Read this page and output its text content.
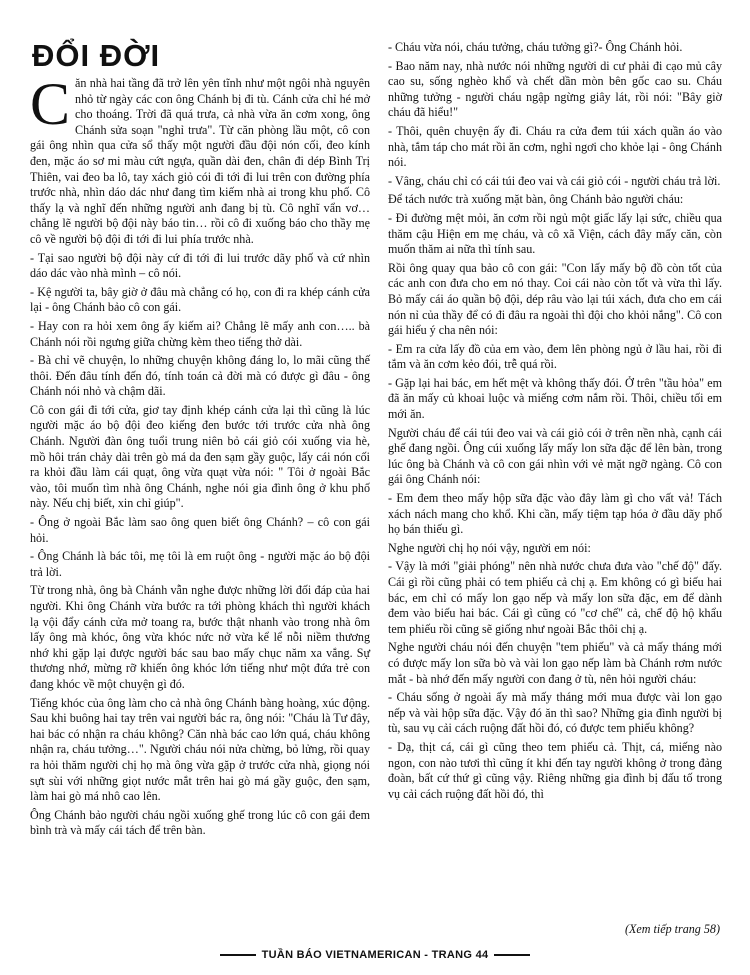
ĐỔI ĐỜI

Căn nhà hai tầng đã trở lên yên tĩnh như một ngôi nhà nguyên nhỏ từ ngày các con ông Chánh bị đi tù. Cánh cửa chỉ hé mở cho thoáng. Trời đã quá trưa, cả nhà vừa ăn cơm xong, ông Chánh sửa soạn "nghỉ trưa". Từ căn phòng lầu một, cô con gái ông nhìn qua cửa sổ thấy một người đầu đội nón cối, đeo kính đen, mặc áo sơ mi màu cứt ngựa, quần dài đen, chân đi dép Bình Trị Thiên, vai đeo ba lô, tay xách giỏ cói đi tới đi lui trên con đường phía trước nhà, nhìn dáo dác như đang tìm kiếm nhà ai trong khu phố. Cô thấy lạ và nghĩ đến những người anh đang bị tù. Cô nghĩ vẩn vơ… chẳng lẽ người bộ đội này báo tin… rồi cô đi xuống báo cho thầy mẹ cô về người bộ đội đi tới đi lui phía trước nhà.

- Tại sao người bộ đội này cứ đi tới đi lui trước dãy phố và cứ nhìn dáo dác vào nhà mình – cô nói.

- Kệ người ta, bây giờ ở đâu mà chẳng có họ, con đi ra khép cánh cửa lại - ông Chánh bảo cô con gái.

- Hay con ra hỏi xem ông ấy kiếm ai? Chẳng lẽ mấy anh con….. bà Chánh nói rồi ngưng giữa chừng kèm theo tiếng thở dài.

- Bà chỉ vẽ chuyện, lo những chuyện không đáng lo, lo mãi cũng thế thôi. Đến đâu tính đến đó, tính toán cả đời mà có được gì đâu - ông Chánh nói nhỏ và chậm dãi.

Cô con gái đi tới cửa, giơ tay định khép cánh cửa lại thì cũng là lúc người mặc áo bộ đội đeo kiếng đen bước tới trước cửa nhà ông Chánh. Người đàn ông tuổi trung niên bỏ cái giỏ cói xuống via hè, mồ hôi trán chảy dài trên gò má da đen sạm gầy guộc, lấy cái nón cối ra khỏi đầu làm cái quạt, ông vừa quạt vừa nói: " Tôi ở ngoài Bắc vào, tôi muốn tìm nhà ông Chánh, nghe nói gia đình ông ở khu phố này. Nếu chị biết, xin chỉ giúp".

- Ông ở ngoài Bắc làm sao ông quen biết ông Chánh? – cô con gái hỏi.

- Ông Chánh là bác tôi, mẹ tôi là em ruột ông - người mặc áo bộ đội trả lời.

Từ trong nhà, ông bà Chánh vẫn nghe được những lời đối đáp của hai người. Khi ông Chánh vừa bước ra tới phòng khách thì người khách lạ vội đẩy cánh cửa mở toang ra, bước thật nhanh vào trong nhà ôm lấy ông mà khóc, ông vừa khóc nức nở vừa kể lể nỗi niềm thương nhớ khi gặp lại được người bác sau bao mấy chục năm xa vắng. Sự thương nhớ, mừng rỡ khiến ông khóc lớn tiếng như một đứa trẻ con đang khóc về một chuyện gì đó.

Tiếng khóc của ông làm cho cả nhà ông Chánh bàng hoàng, xúc động. Sau khi buông hai tay trên vai người bác ra, ông nói: "Cháu là Tư đây, hai bác có nhận ra cháu không? Căn nhà bác cao lớn quá, cháu không nhận ra, cháu tưởng…". Người cháu nói nửa chừng, bỏ lửng, rồi quay ra hỏi thăm người chị họ mà ông vừa gặp ở trước cửa nhà, giọng nói sựt sùi với những giọt nước mắt trên hai gò má gầy guộc, đen sạm, làm hai gò má nhô cao lên.

Ông Chánh bảo người cháu ngồi xuống ghế trong lúc cô con gái đem bình trà và mấy cái tách để trên bàn.

- Cháu vừa nói, cháu tưởng, cháu tưởng gì?- Ông Chánh hỏi.

- Bao năm nay, nhà nước nói những người di cư phải đi cạo mủ cây cao su, sống nghèo khổ và chết dần mòn bên gốc cao su. Cháu những tưởng - người cháu ngập ngừng giây lát, rồi nói: "Bây giờ cháu đã hiểu!"

- Thôi, quên chuyện ấy đi. Cháu ra cửa đem túi xách quần áo vào nhà, tắm táp cho mát rồi ăn cơm, nghỉ ngơi cho khỏe lại - ông Chánh nói.

- Vâng, cháu chỉ có cái túi đeo vai và cái giỏ cói - người cháu trả lời.

Để tách nước trà xuống mặt bàn, ông Chánh bảo người cháu:

- Đi đường mệt mỏi, ăn cơm rồi ngủ một giấc lấy lại sức, chiều qua thăm cậu Hiện em mẹ cháu, và cô xã Viện, cách đây mấy căn, còn muốn thăm ai nữa thì tính sau.

Rồi ông quay qua bảo cô con gái: "Con lấy mấy bộ đồ còn tốt của các anh con đưa cho em nó thay. Coi cái nào còn tốt và vừa thì lấy. Bỏ mấy cái áo quần bộ đội, dép râu vào lại túi xách, đưa cho em cái nón nỉ của thầy để có đi đâu ra ngoài thì đội cho khỏi nắng". Cô con gái hiểu ý cha nên nói:

- Em ra cửa lấy đồ của em vào, đem lên phòng ngủ ở lầu hai, rồi đi tắm và ăn cơm kẻo đói, trễ quá rồi.

- Gặp lại hai bác, em hết mệt và không thấy đói. Ở trên "tầu hỏa" em đã ăn mấy củ khoai luộc và miếng cơm nắm rồi. Thôi, chiều tối em mới ăn.

Người cháu để cái túi đeo vai và cái giỏ cói ở trên nền nhà, cạnh cái ghế đang ngồi. Ông cúi xuống lấy mấy lon sữa đặc để lên bàn, trong lúc ông bà Chánh và cô con gái nhìn với vẻ mặt ngỡ ngàng. Cô con gái ông Chánh nói:

- Em đem theo mấy hộp sữa đặc vào đây làm gì cho vất vả! Tách xách nách mang cho khổ. Khi cần, mấy tiệm tạp hóa ở đầu dãy phố họ bán thiếu gì.

Nghe người chị họ nói vậy, người em nói:

- Vậy là mới "giải phóng" nên nhà nước chưa đưa vào "chế độ" đấy. Cái gì rồi cũng phải có tem phiếu cả chị ạ. Em không có gì biếu hai bác, em chỉ có mấy lon gạo nếp và mấy lon sữa đặc, em để dành đem vào biếu hai bác. Cái gì cũng có "cơ chế" cả, chế độ hộ khẩu tem phiếu rồi cũng sẽ giống như ngoài Bắc thôi chị ạ.

Nghe người cháu nói đến chuyện "tem phiếu" và cả mấy tháng mới có được mấy lon sữa bò và vài lon gạo nếp làm bà Chánh rơm nước mắt - bà nhớ đến mấy người con đang ở tù, nên hỏi người cháu:

- Cháu sống ở ngoài ấy mà mấy tháng mới mua được vài lon gạo nếp và vài hộp sữa đặc. Vậy đó ăn thì sao? Những gia đình người bị tù, sau vụ cải cách ruộng đất hồi đó, có được tem phiếu không?

- Dạ, thịt cá, cái gì cũng theo tem phiếu cả. Thịt, cá, miếng nào ngon, con nào tươi thì cũng ít khi đến tay người không ở trong đảng đoàn, bất cứ thứ gì cũng vậy. Riêng những gia đình bị đấu tố trong vụ cải cách ruộng đất hồi đó, thì

(Xem tiếp trang 58)
TUẦN BÁO VIETNAMERICAN - TRANG 44
